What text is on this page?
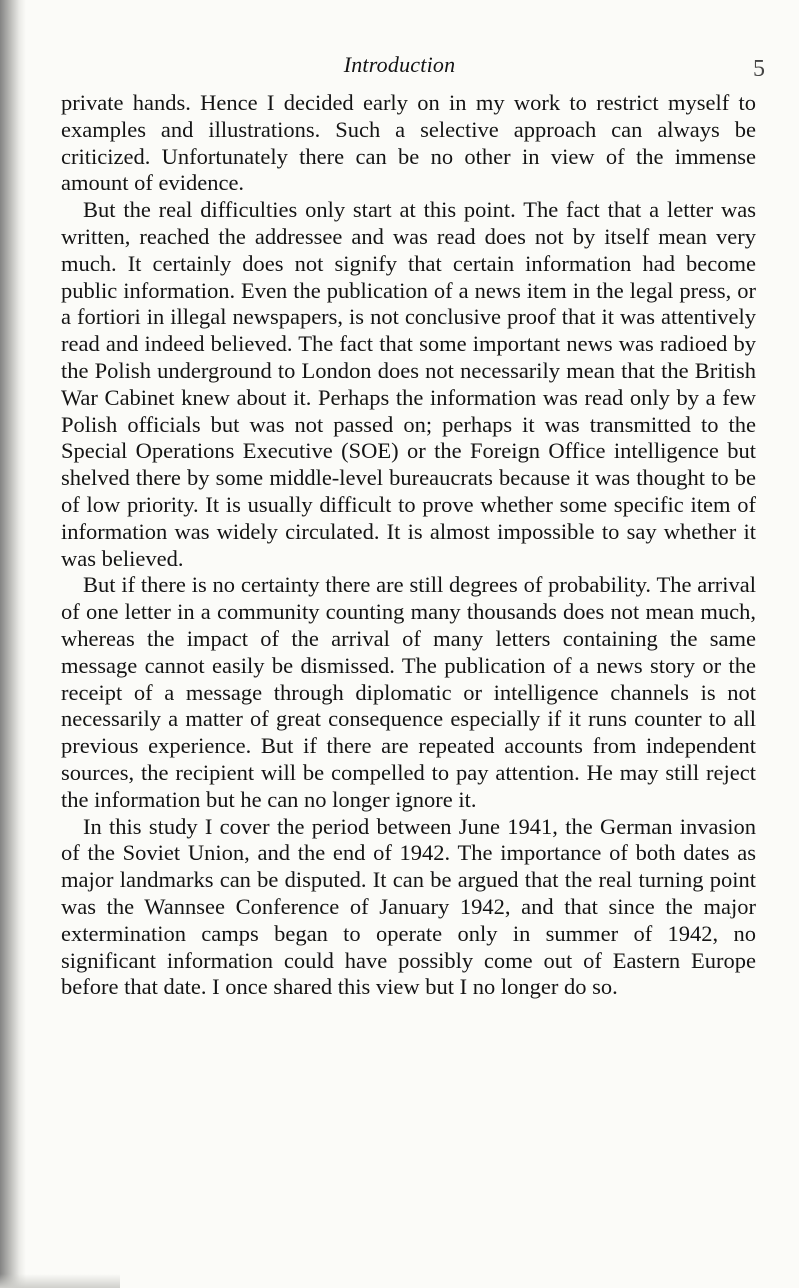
Introduction	5

private hands. Hence I decided early on in my work to restrict myself to examples and illustrations. Such a selective approach can always be criticized. Unfortunately there can be no other in view of the immense amount of evidence.

But the real difficulties only start at this point. The fact that a letter was written, reached the addressee and was read does not by itself mean very much. It certainly does not signify that certain information had become public information. Even the publication of a news item in the legal press, or a fortiori in illegal newspapers, is not conclusive proof that it was attentively read and indeed believed. The fact that some important news was radioed by the Polish underground to London does not necessarily mean that the British War Cabinet knew about it. Perhaps the information was read only by a few Polish officials but was not passed on; perhaps it was transmitted to the Special Operations Executive (SOE) or the Foreign Office intelligence but shelved there by some middle-level bureaucrats because it was thought to be of low priority. It is usually difficult to prove whether some specific item of information was widely circulated. It is almost impossible to say whether it was believed.

But if there is no certainty there are still degrees of probability. The arrival of one letter in a community counting many thousands does not mean much, whereas the impact of the arrival of many letters containing the same message cannot easily be dismissed. The publication of a news story or the receipt of a message through diplomatic or intelligence channels is not necessarily a matter of great consequence especially if it runs counter to all previous experience. But if there are repeated accounts from independent sources, the recipient will be compelled to pay attention. He may still reject the information but he can no longer ignore it.

In this study I cover the period between June 1941, the German invasion of the Soviet Union, and the end of 1942. The importance of both dates as major landmarks can be disputed. It can be argued that the real turning point was the Wannsee Conference of January 1942, and that since the major extermination camps began to operate only in summer of 1942, no significant information could have possibly come out of Eastern Europe before that date. I once shared this view but I no longer do so.
